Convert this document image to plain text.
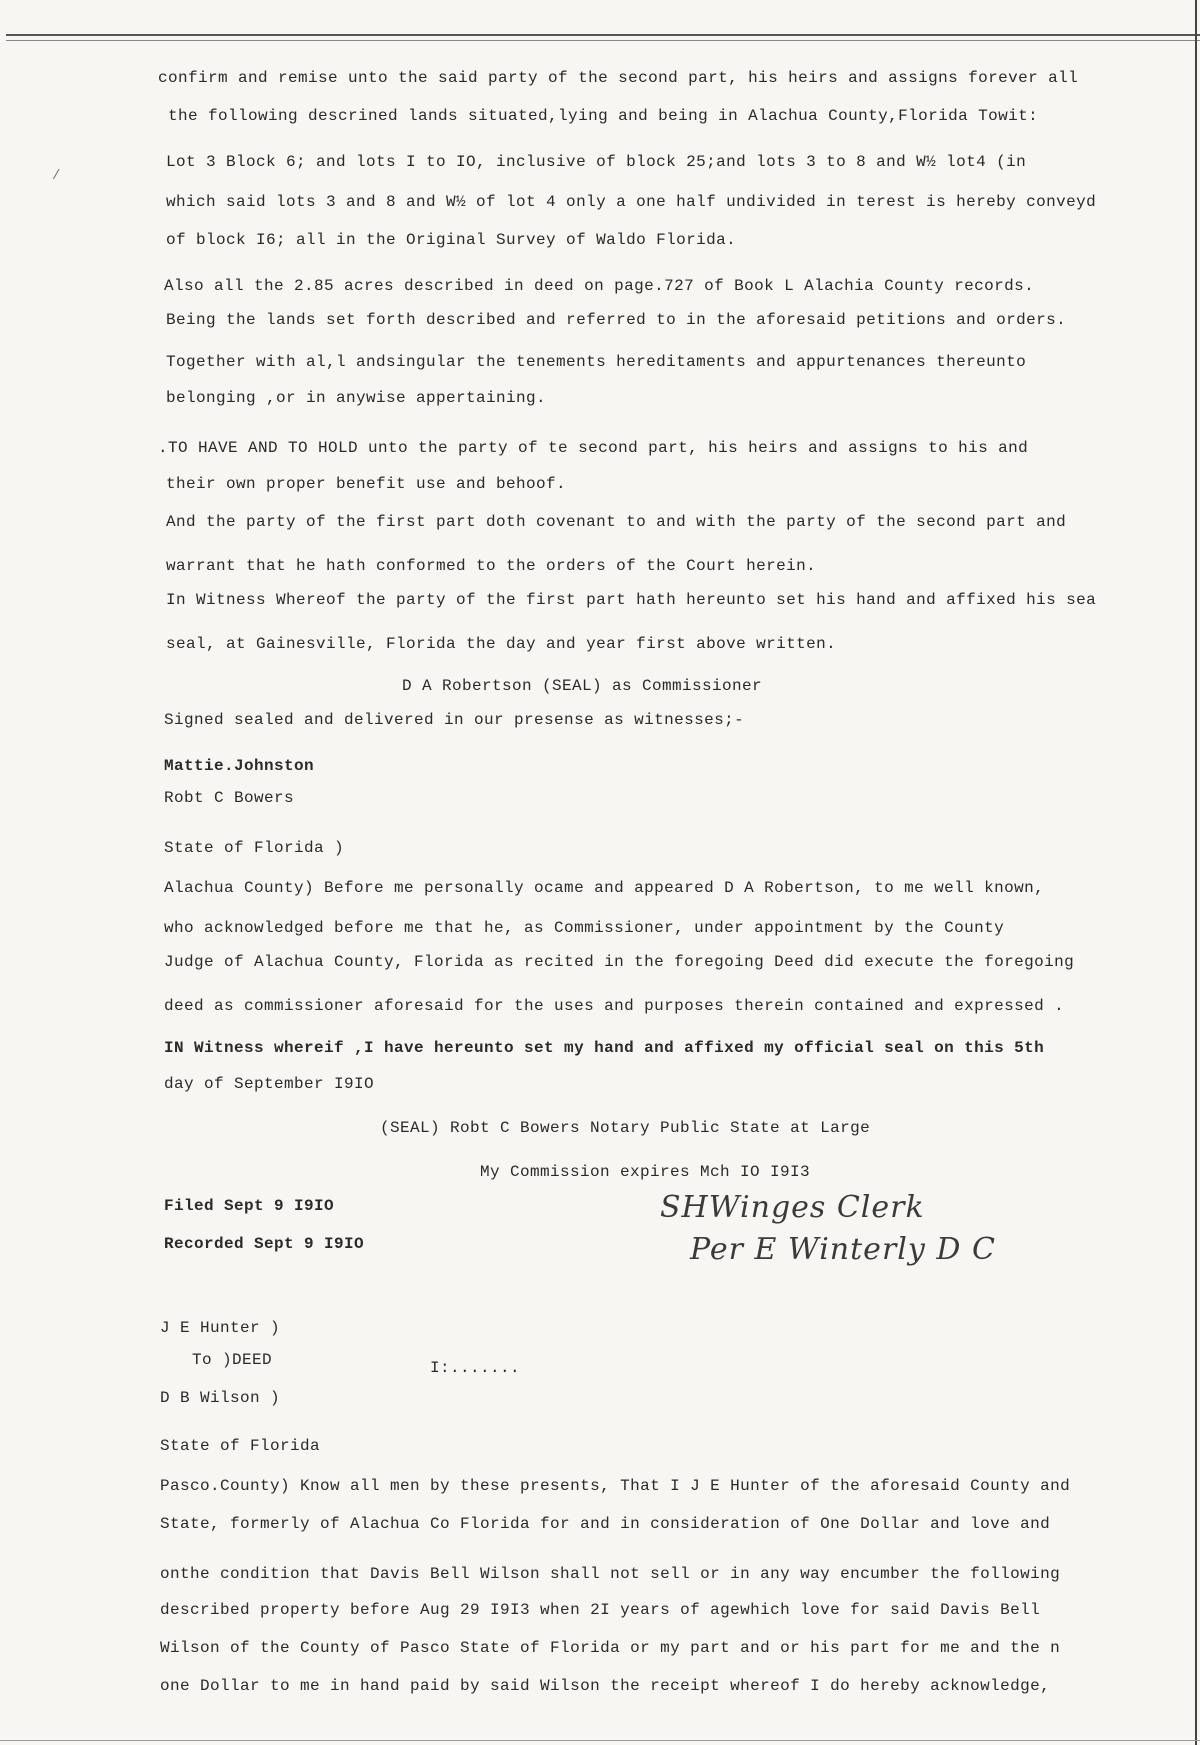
/
confirm and remise unto the said party of the second part, his heirs and assigns forever all
the following descrined lands situated,lying and being in Alachua County,Florida Towit:
Lot 3 Block 6; and lots I to IO, inclusive of block 25;and lots 3 to 8 and W½ lot4 (in
which said lots 3 and 8 and W½ of lot 4 only a one half undivided in terest is hereby conveyd
of block I6; all in the Original Survey of Waldo Florida.
Also all the 2.85 acres described in deed on page.727 of Book L Alachia County records.
Being the lands set forth described and referred to in the aforesaid petitions and orders.
Together with al,l andsingular the tenements hereditaments and appurtenances thereunto
belonging ,or in anywise appertaining.
.TO HAVE AND TO HOLD unto the party of te second part, his heirs and assigns to his and
their own proper benefit use and behoof.
And the party of the first part doth covenant to and with the party of the second part and
warrant that he hath conformed to the orders of the Court herein.
In Witness Whereof the party of the first part hath hereunto set his hand and affixed his sea
seal, at Gainesville, Florida the day and year first above written.
D A Robertson (SEAL) as Commissioner
Signed sealed and delivered in our presense as witnesses;-
Mattie.Johnston
Robt C Bowers
State of Florida )
Alachua County) Before me personally ocame and appeared D A Robertson, to me well known,
who acknowledged before me that he, as Commissioner, under appointment by the County
Judge of Alachua County, Florida as recited in the foregoing Deed did execute the foregoing
deed as commissioner aforesaid for the uses and purposes therein contained and expressed .
IN Witness whereif ,I have hereunto set my hand and affixed my official seal on this 5th
day of September I9IO
(SEAL) Robt C Bowers Notary Public State at Large
My Commission expires Mch IO I9I3
Filed Sept 9 I9IO
Recorded Sept 9 I9IO
SHWinges Clerk
Per E Winterly D C
J E Hunter )
To )DEED	I:.......
D B Wilson )
State of Florida
Pasco.County) Know all men by these presents, That I J E Hunter of the aforesaid County and
State, formerly of Alachua Co Florida for and in consideration of One Dollar and love and
onthe condition that Davis Bell Wilson shall not sell or in any way encumber the following
described property before Aug 29 I9I3 when 2I years of agewhich love for said Davis Bell
Wilson of the County of Pasco State of Florida or my part and or his part for me and the n
one Dollar to me in hand paid by said Wilson the receipt whereof I do hereby acknowledge,
